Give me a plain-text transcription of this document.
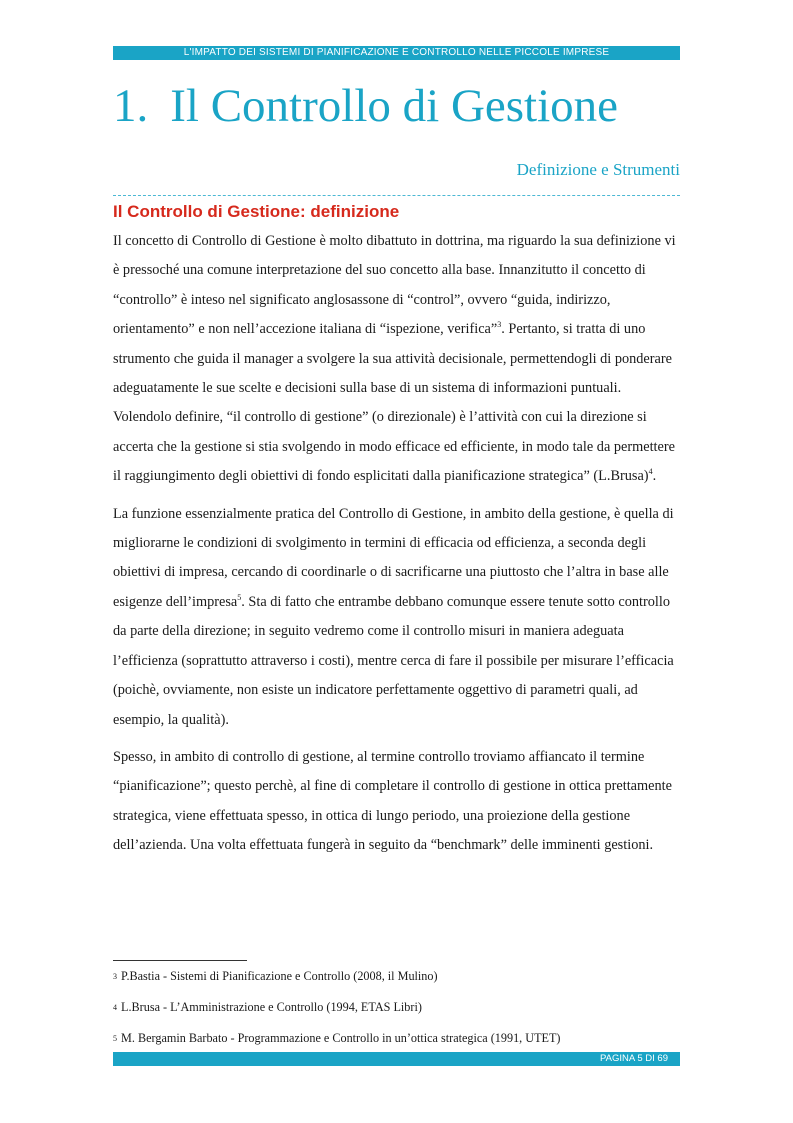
L'IMPATTO DEI SISTEMI DI PIANIFICAZIONE E CONTROLLO NELLE PICCOLE IMPRESE
1. Il Controllo di Gestione
Definizione e Strumenti
Il Controllo di Gestione: definizione

Il concetto di Controllo di Gestione è molto dibattuto in dottrina, ma riguardo la sua definizione vi è pressoché una comune interpretazione del suo concetto alla base. Innanzitutto il concetto di “controllo” è inteso nel significato anglosassone di “control”, ovvero “guida, indirizzo, orientamento” e non nell’accezione italiana di “ispezione, verifica”$^3$. Pertanto, si tratta di uno strumento che guida il manager a svolgere la sua attività decisionale, permettendogli di ponderare adeguatamente le sue scelte e decisioni sulla base di un sistema di informazioni puntuali. Volendolo definire, “il controllo di gestione” (o direzionale) è l’attività con cui la direzione si accerta che la gestione si stia svolgendo in modo efficace ed efficiente, in modo tale da permettere il raggiungimento degli obiettivi di fondo esplicitati dalla pianificazione strategica” (L.Brusa)$^4$.

La funzione essenzialmente pratica del Controllo di Gestione, in ambito della gestione, è quella di migliorarne le condizioni di svolgimento in termini di efficacia od efficienza, a seconda degli obiettivi di impresa, cercando di coordinarle o di sacrificarne una piuttosto che l’altra in base alle esigenze dell’impresa$^5$. Sta di fatto che entrambe debbano comunque essere tenute sotto controllo da parte della direzione; in seguito vedremo come il controllo misuri in maniera adeguata l’efficienza (soprattutto attraverso i costi), mentre cerca di fare il possibile per misurare l’efficacia (poichè, ovviamente, non esiste un indicatore perfettamente oggettivo di parametri quali, ad esempio, la qualità).

Spesso, in ambito di controllo di gestione, al termine controllo troviamo affiancato il termine “pianificazione”; questo perchè, al fine di completare il controllo di gestione in ottica prettamente strategica, viene effettuata spesso, in ottica di lungo periodo, una proiezione della gestione dell’azienda. Una volta effettuata fungerà in seguito da “benchmark” delle imminenti gestioni.

$^3$ P.Bastia - Sistemi di Pianificazione e Controllo (2008, il Mulino)

$^4$ L.Brusa - L’Amministrazione e Controllo (1994, ETAS Libri)

$^5$ M. Bergamin Barbato - Programmazione e Controllo in un’ottica strategica (1991, UTET)

PAGINA 5 DI 69
